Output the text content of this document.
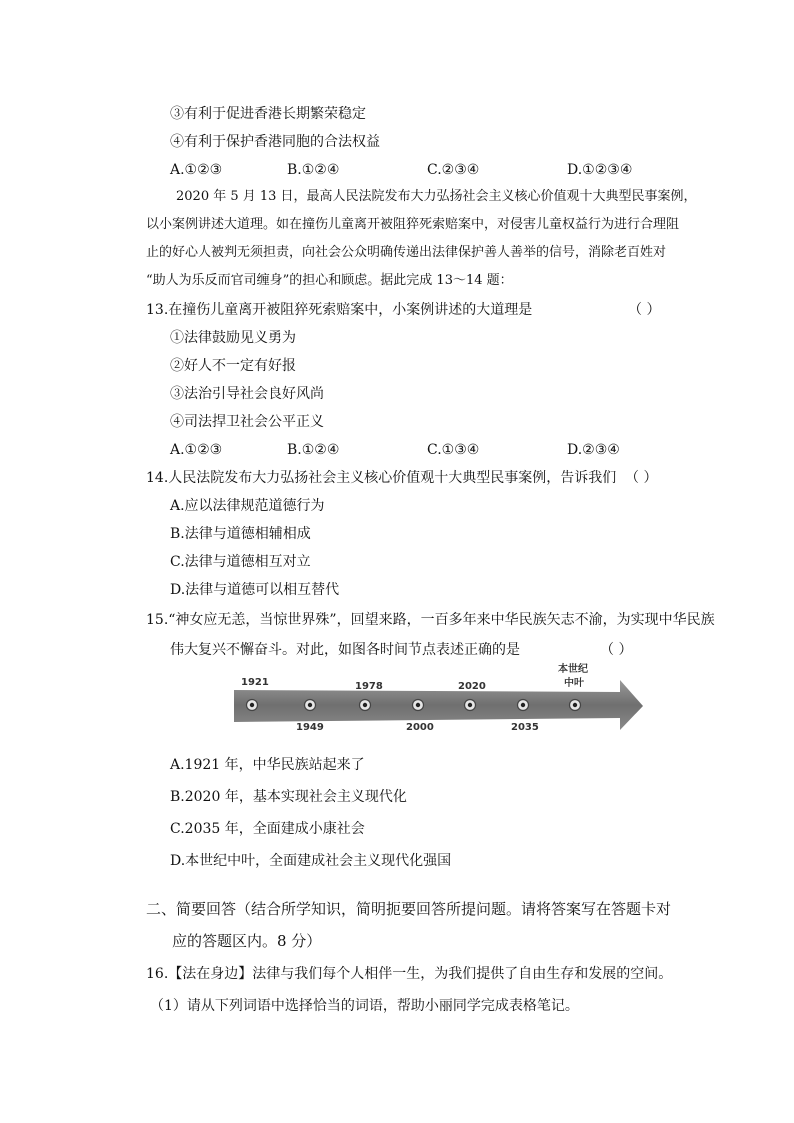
③有利于促进香港长期繁荣稳定
④有利于保护香港同胞的合法权益
A.①②③	B.①②④	C.②③④	D.①②③④

2020 年 5 月 13 日，最高人民法院发布大力弘扬社会主义核心价值观十大典型民事案例，

以小案例讲述大道理。如在撞伤儿童离开被阻猝死索赔案中，对侵害儿童权益行为进行合理阻

止的好心人被判无须担责，向社会公众明确传递出法律保护善人善举的信号，消除老百姓对

“助人为乐反而官司缠身”的担心和顾虑。据此完成 13～14 题：

13.在撞伤儿童离开被阻猝死索赔案中，小案例讲述的大道理是	（ ）
①法律鼓励见义勇为
②好人不一定有好报
③法治引导社会良好风尚
④司法捍卫社会公平正义
A.①②③	B.①②④	C.①③④	D.②③④
14.人民法院发布大力弘扬社会主义核心价值观十大典型民事案例，告诉我们 （ ）
A.应以法律规范道德行为
B.法律与道德相辅相成
C.法律与道德相互对立
D.法律与道德可以相互替代
15.“神女应无恙，当惊世界殊”，回望来路，一百多年来中华民族矢志不渝，为实现中华民族
伟大复兴不懈奋斗。对此，如图各时间节点表述正确的是	（ ）
1921	1978	2020
1949	2000	2035
本世纪
中叶
A.1921 年，中华民族站起来了
B.2020 年，基本实现社会主义现代化
C.2035 年，全面建成小康社会
D.本世纪中叶，全面建成社会主义现代化强国
二、简要回答（结合所学知识，简明扼要回答所提问题。请将答案写在答题卡对
应的答题区内。8 分）
16.【法在身边】法律与我们每个人相伴一生，为我们提供了自由生存和发展的空间。
（1）请从下列词语中选择恰当的词语，帮助小丽同学完成表格笔记。
